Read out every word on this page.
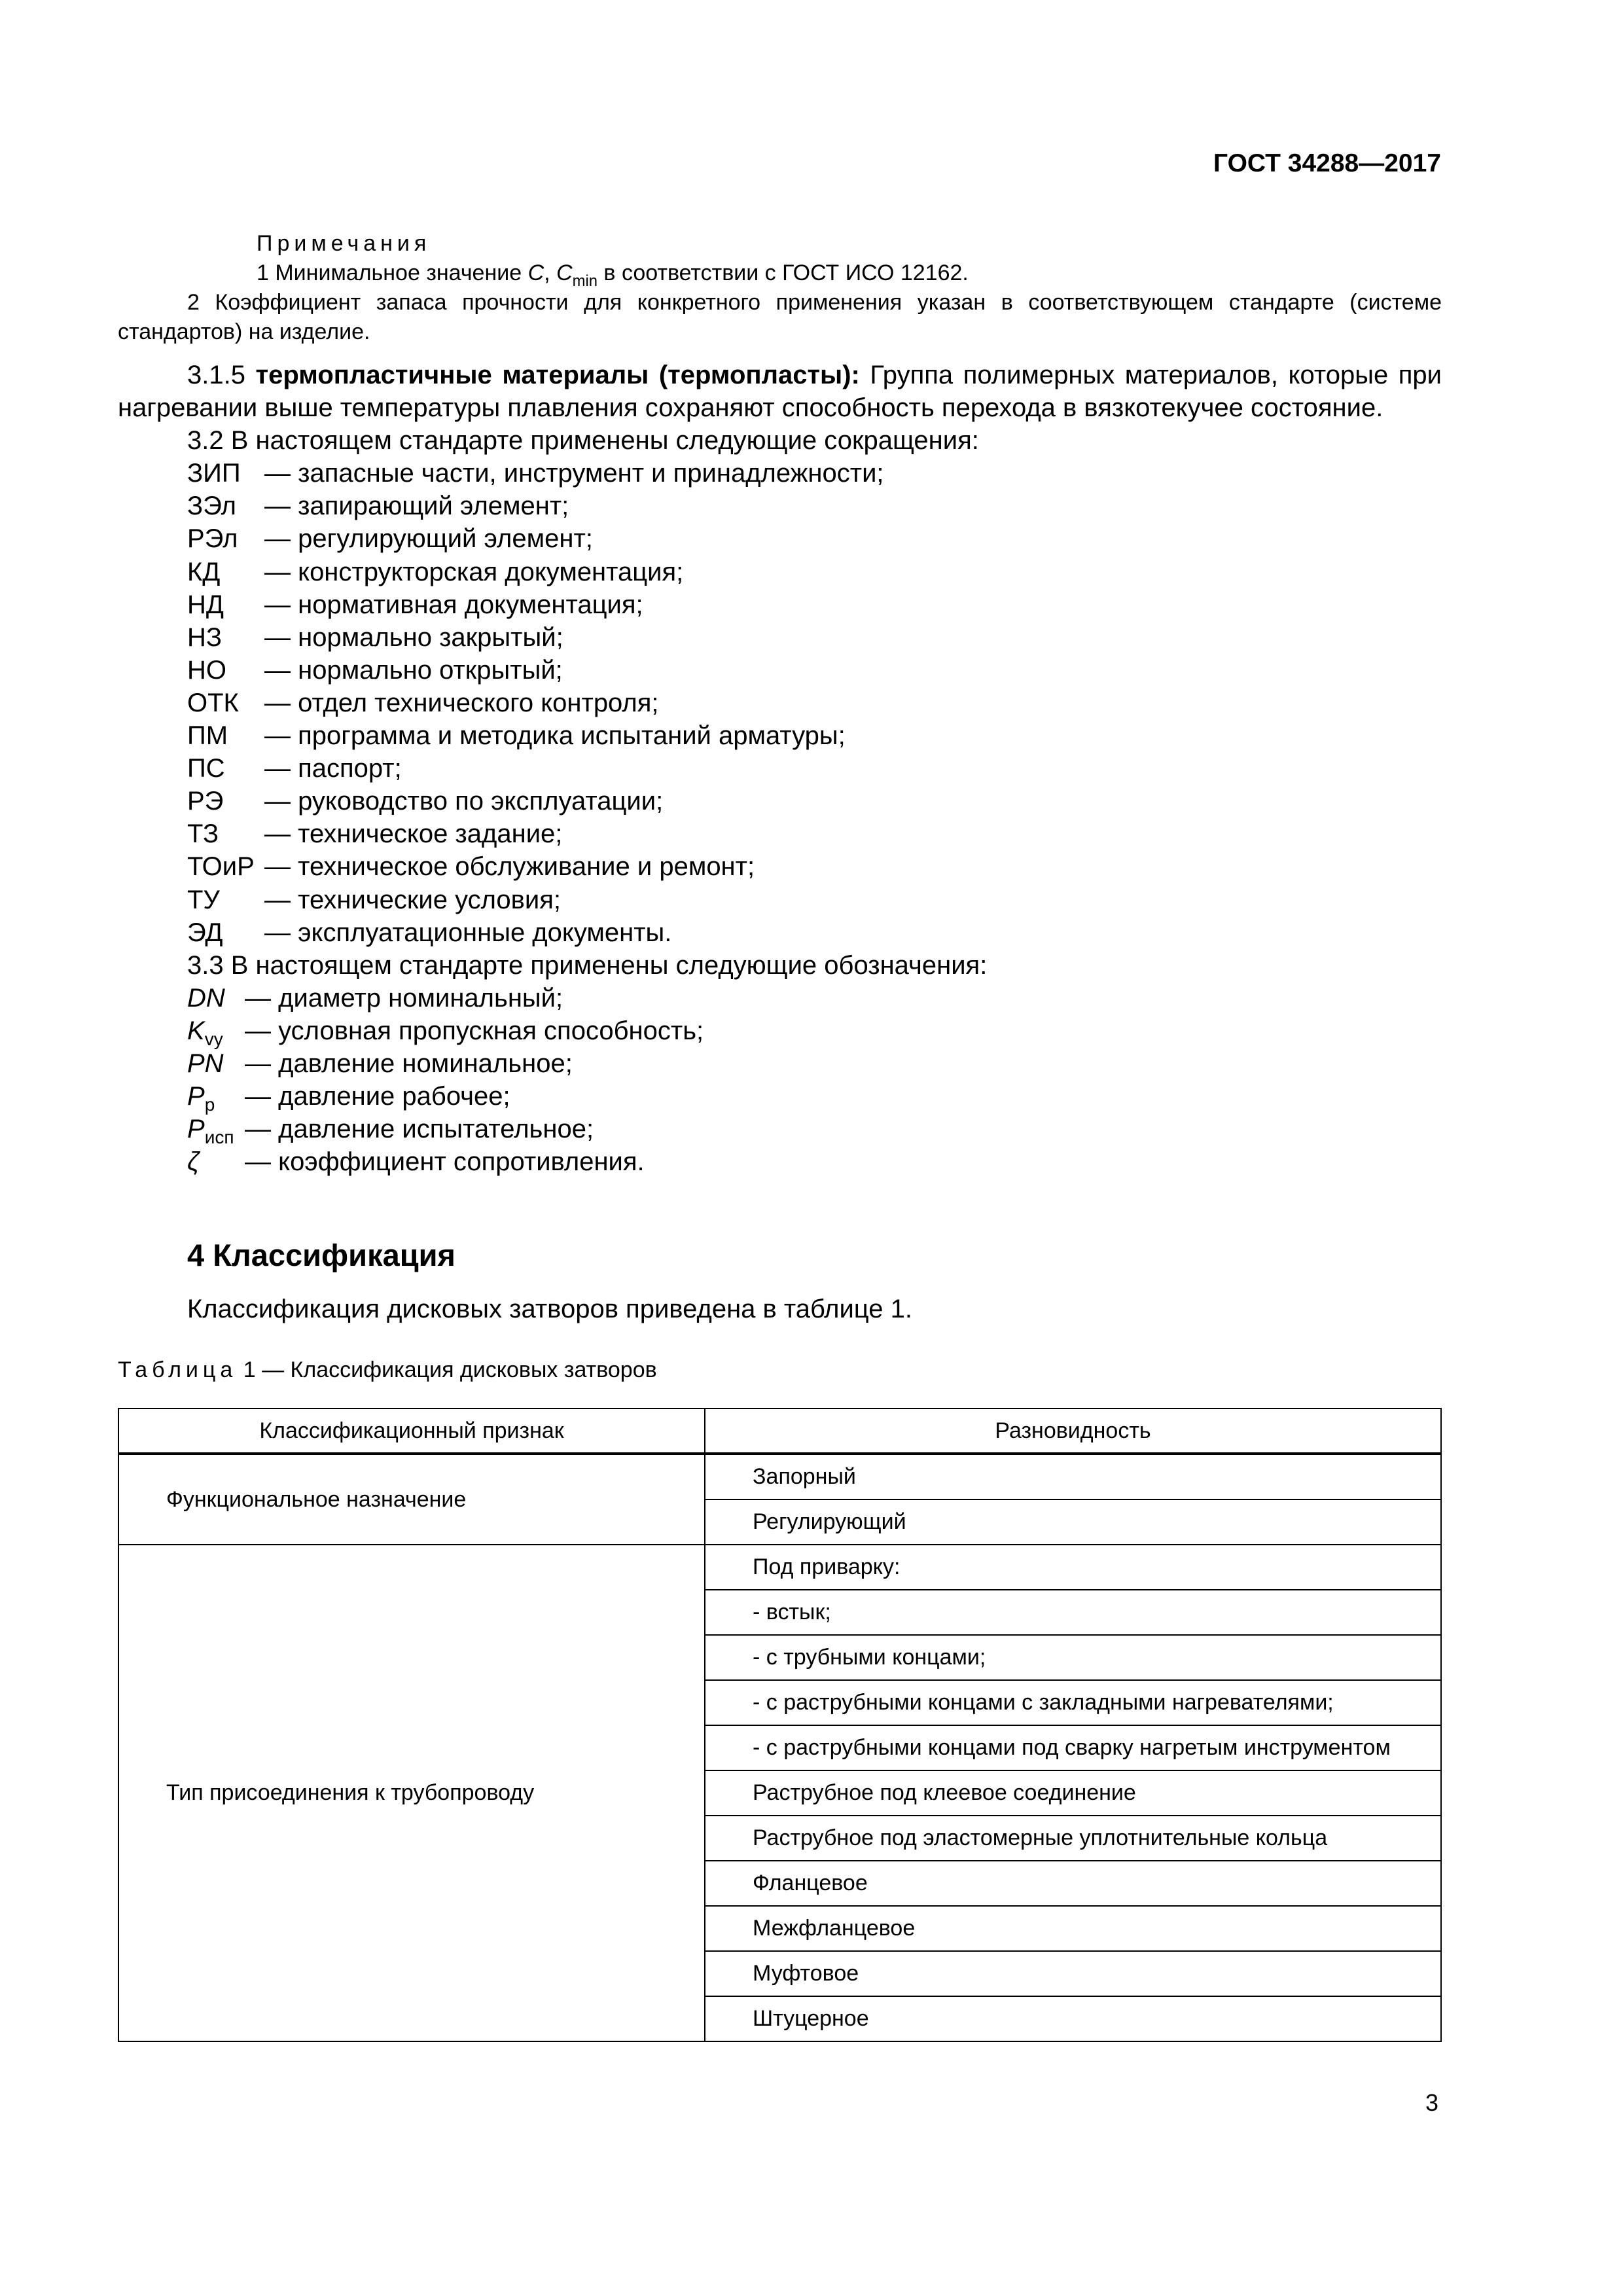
ГОСТ 34288—2017
Примечания
1 Минимальное значение C, $C_{min}$ в соответствии с ГОСТ ИСО 12162.
2 Коэффициент запаса прочности для конкретного применения указан в соответствующем стандарте (системе стандартов) на изделие.
3.1.5 термопластичные материалы (термопласты): Группа полимерных материалов, которые при нагревании выше температуры плавления сохраняют способность перехода в вязкотекучее состояние.
3.2 В настоящем стандарте применены следующие сокращения:
ЗИП — запасные части, инструмент и принадлежности;
ЗЭл — запирающий элемент;
РЭл — регулирующий элемент;
КД — конструкторская документация;
НД — нормативная документация;
НЗ — нормально закрытый;
НО — нормально открытый;
ОТК — отдел технического контроля;
ПМ — программа и методика испытаний арматуры;
ПС — паспорт;
РЭ — руководство по эксплуатации;
ТЗ — техническое задание;
ТОиР — техническое обслуживание и ремонт;
ТУ — технические условия;
ЭД — эксплуатационные документы.
3.3 В настоящем стандарте применены следующие обозначения:
DN — диаметр номинальный;
$K_{vy}$ — условная пропускная способность;
PN — давление номинальное;
$P_р$ — давление рабочее;
$P_{исп}$ — давление испытательное;
ζ — коэффициент сопротивления.
4 Классификация
Классификация дисковых затворов приведена в таблице 1.
Таблица 1 — Классификация дисковых затворов
Классификационный признак	Разновидность
Функциональное назначение	Запорный
	Регулирующий
Тип присоединения к трубопроводу	Под приварку:
	- встык;
	- с трубными концами;
	- с раструбными концами с закладными нагревателями;
	- с раструбными концами под сварку нагретым инструментом
	Раструбное под клеевое соединение
	Раструбное под эластомерные уплотнительные кольца
	Фланцевое
	Межфланцевое
	Муфтовое
	Штуцерное
3
